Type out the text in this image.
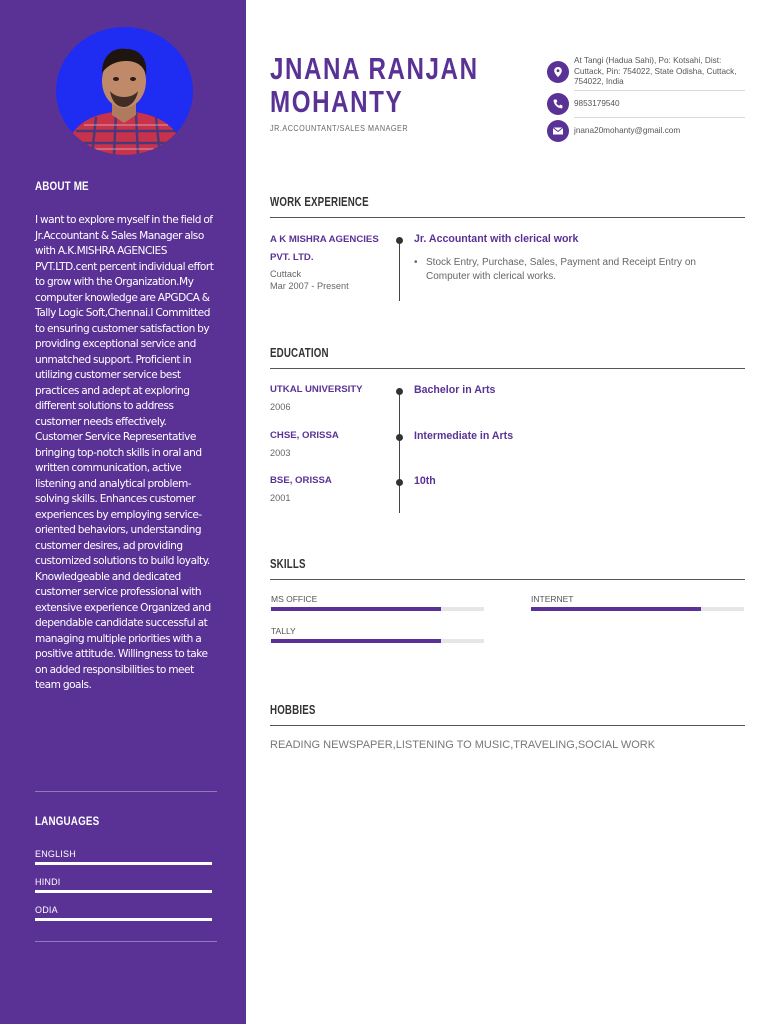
ABOUT ME

I want to explore myself in the field of Jr.Accountant & Sales Manager also with A.K.MISHRA AGENCIES PVT.LTD.cent percent individual effort to grow with the Organization.My computer knowledge are APGDCA & Tally Logic Soft,Chennai.I Committed to ensuring customer satisfaction by providing exceptional service and unmatched support. Proficient in utilizing customer service best practices and adept at exploring different solutions to address customer needs effectively. Customer Service Representative bringing top-notch skills in oral and written communication, active listening and analytical problem-solving skills. Enhances customer experiences by employing service-oriented behaviors, understanding customer desires, ad providing customized solutions to build loyalty. Knowledgeable and dedicated customer service professional with extensive experience Organized and dependable candidate successful at managing multiple priorities with a positive attitude. Willingness to take on added responsibilities to meet team goals.

LANGUAGES
ENGLISH
HINDI
ODIA
JNANA RANJAN
MOHANTY
JR.ACCOUNTANT/SALES MANAGER
At Tangi (Hadua Sahi), Po: Kotsahi, Dist: Cuttack, Pin: 754022, State Odisha, Cuttack, 754022, India
9853179540
jnana20mohanty@gmail.com
WORK EXPERIENCE
A K MISHRA AGENCIES PVT. LTD.
Cuttack
Mar 2007 - Present
Jr. Accountant with clerical work
• Stock Entry, Purchase, Sales, Payment and Receipt Entry on Computer with clerical works.
EDUCATION
UTKAL UNIVERSITY
2006
Bachelor in Arts
CHSE, ORISSA
2003
Intermediate in Arts
BSE, ORISSA
2001
10th
SKILLS
MS OFFICE	INTERNET
TALLY
HOBBIES
READING NEWSPAPER,LISTENING TO MUSIC,TRAVELING,SOCIAL WORK
